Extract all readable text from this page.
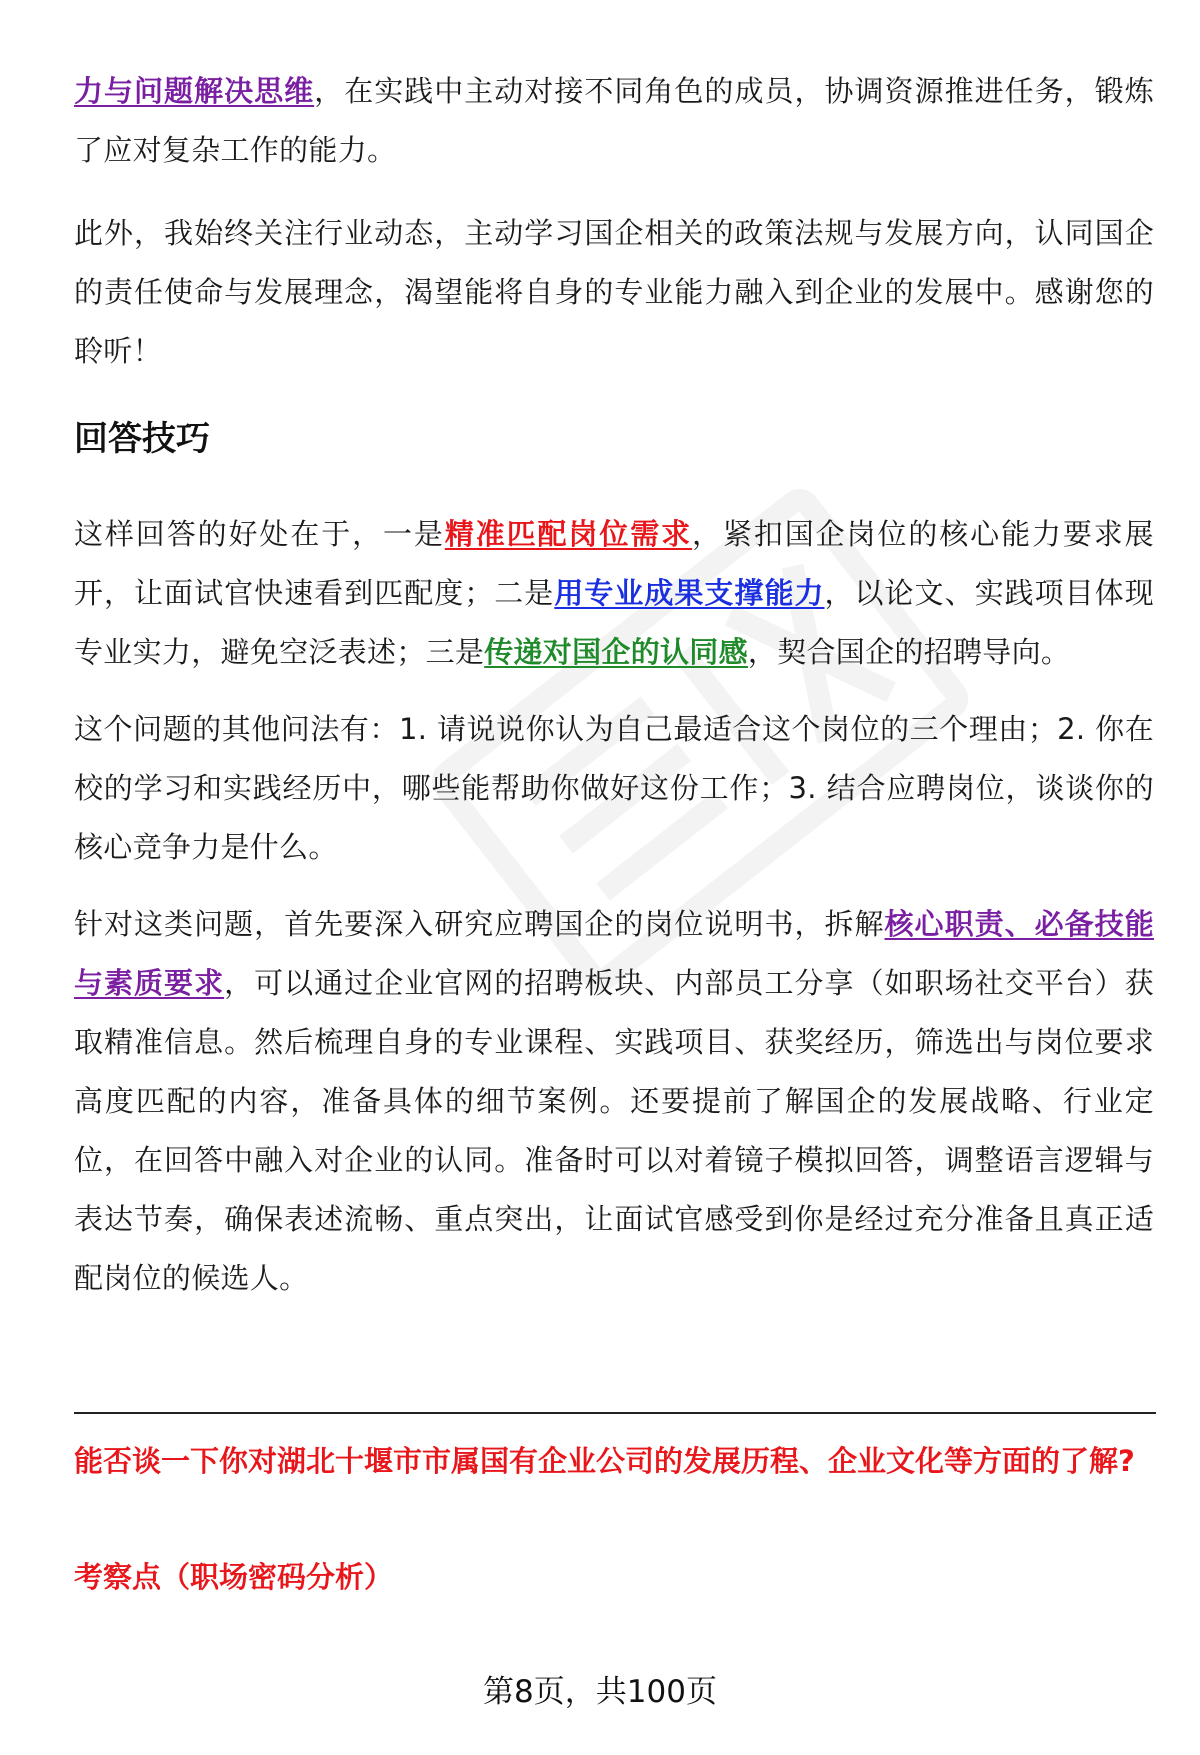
力与问题解决思维，在实践中主动对接不同角色的成员，协调资源推进任务，锻炼了应对复杂工作的能力。

此外，我始终关注行业动态，主动学习国企相关的政策法规与发展方向，认同国企的责任使命与发展理念，渴望能将自身的专业能力融入到企业的发展中。感谢您的聆听！

回答技巧

这样回答的好处在于，一是精准匹配岗位需求，紧扣国企岗位的核心能力要求展开，让面试官快速看到匹配度；二是用专业成果支撑能力，以论文、实践项目体现专业实力，避免空泛表述；三是传递对国企的认同感，契合国企的招聘导向。

这个问题的其他问法有：1. 请说说你认为自己最适合这个岗位的三个理由；2. 你在校的学习和实践经历中，哪些能帮助你做好这份工作；3. 结合应聘岗位，谈谈你的核心竞争力是什么。

针对这类问题，首先要深入研究应聘国企的岗位说明书，拆解核心职责、必备技能与素质要求，可以通过企业官网的招聘板块、内部员工分享（如职场社交平台）获取精准信息。然后梳理自身的专业课程、实践项目、获奖经历，筛选出与岗位要求高度匹配的内容，准备具体的细节案例。还要提前了解国企的发展战略、行业定位，在回答中融入对企业的认同。准备时可以对着镜子模拟回答，调整语言逻辑与表达节奏，确保表述流畅、重点突出，让面试官感受到你是经过充分准备且真正适配岗位的候选人。

能否谈一下你对湖北十堰市市属国有企业公司的发展历程、企业文化等方面的了解?

考察点（职场密码分析）

第8页，共100页
